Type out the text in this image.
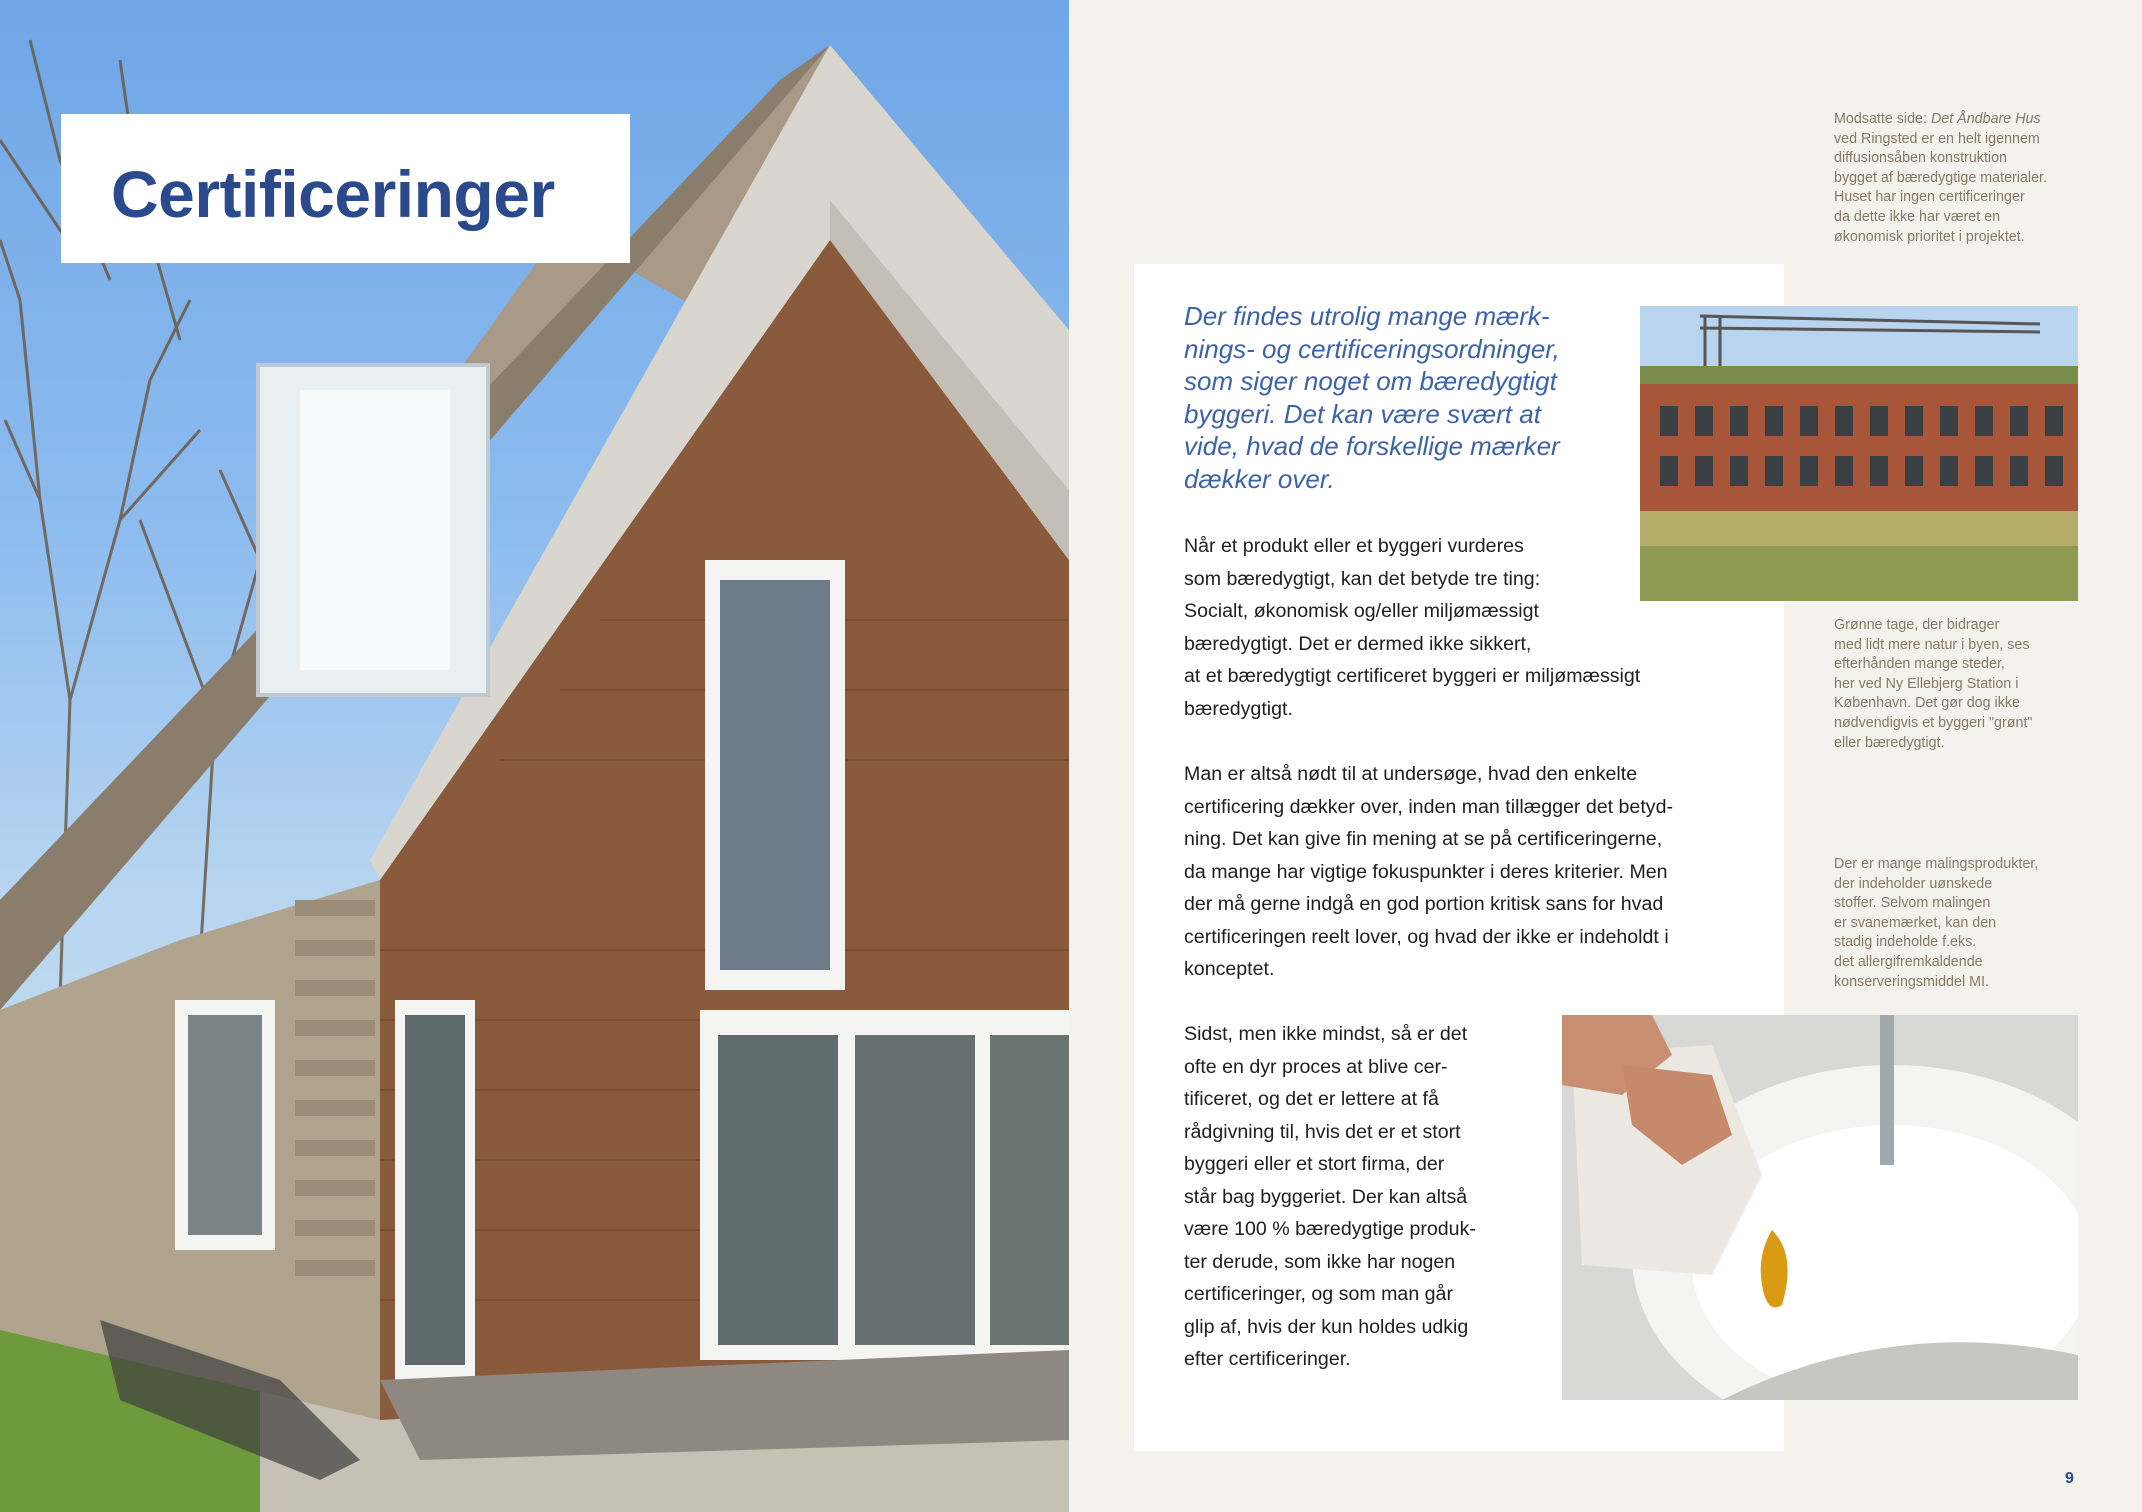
Certificeringer
Modsatte side: Det Åndbare Hus
ved Ringsted er en helt igennem
diffusionsåben konstruktion
bygget af bæredygtige materialer.
Huset har ingen certificeringer
da dette ikke har været en
økonomisk prioritet i projektet.
Der findes utrolig mange mærk-
nings- og certificeringsordninger,
som siger noget om bæredygtigt
byggeri. Det kan være svært at
vide, hvad de forskellige mærker
dækker over.
Når et produkt eller et byggeri vurderes
som bæredygtigt, kan det betyde tre ting:
Socialt, økonomisk og/eller miljømæssigt
bæredygtigt. Det er dermed ikke sikkert,
at et bæredygtigt certificeret byggeri er miljømæssigt
bæredygtigt.
Man er altså nødt til at undersøge, hvad den enkelte
certificering dækker over, inden man tillægger det betyd-
ning. Det kan give fin mening at se på certificeringerne,
da mange har vigtige fokuspunkter i deres kriterier. Men
der må gerne indgå en god portion kritisk sans for hvad
certificeringen reelt lover, og hvad der ikke er indeholdt i
konceptet.
Sidst, men ikke mindst, så er det
ofte en dyr proces at blive cer-
tificeret, og det er lettere at få
rådgivning til, hvis det er et stort
byggeri eller et stort firma, der
står bag byggeriet. Der kan altså
være 100 % bæredygtige produk-
ter derude, som ikke har nogen
certificeringer, og som man går
glip af, hvis der kun holdes udkig
efter certificeringer.
Grønne tage, der bidrager
med lidt mere natur i byen, ses
efterhånden mange steder,
her ved Ny Ellebjerg Station i
København. Det gør dog ikke
nødvendigvis et byggeri "grønt"
eller bæredygtigt.
Der er mange malingsprodukter,
der indeholder uønskede
stoffer. Selvom malingen
er svanemærket, kan den
stadig indeholde f.eks.
det allergifremkaldende
konserveringsmiddel MI.
9
